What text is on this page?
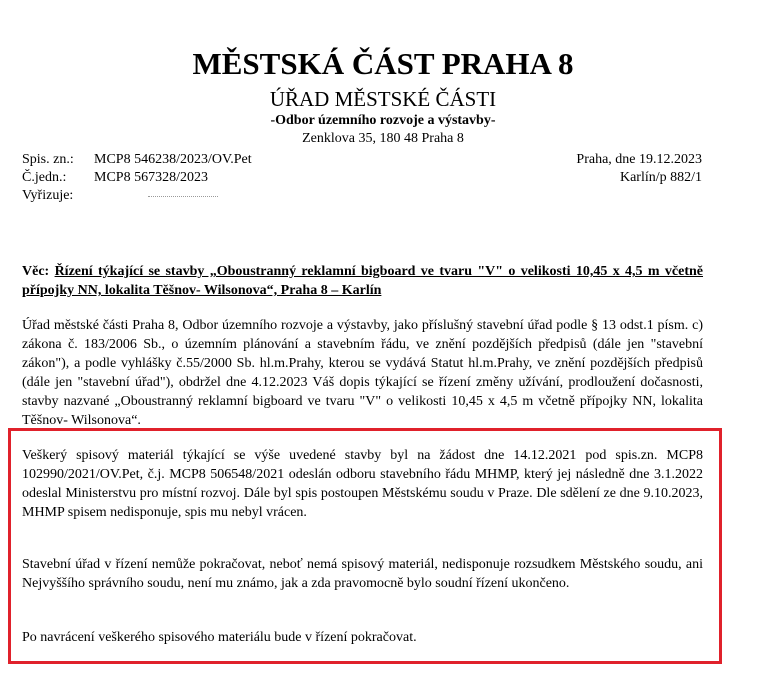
MĚSTSKÁ ČÁST PRAHA 8
ÚŘAD MĚSTSKÉ ČÁSTI
-Odbor územního rozvoje a výstavby-
Zenklova 35, 180 48 Praha 8
Spis. zn.: MCP8 546238/2023/OV.Pet	Praha, dne 19.12.2023
Č.jedn.: MCP8 567328/2023	Karlín/p 882/1
Vyřizuje:
Věc: Řízení týkající se stavby „Oboustranný reklamní bigboard ve tvaru "V" o velikosti 10,45 x 4,5 m včetně přípojky NN, lokalita Těšnov- Wilsonova“, Praha 8 – Karlín

Úřad městské části Praha 8, Odbor územního rozvoje a výstavby, jako příslušný stavební úřad podle § 13 odst.1 písm. c) zákona č. 183/2006 Sb., o územním plánování a stavebním řádu, ve znění pozdějších předpisů (dále jen "stavební zákon"), a podle vyhlášky č.55/2000 Sb. hl.m.Prahy, kterou se vydává Statut hl.m.Prahy, ve znění pozdějších předpisů (dále jen "stavební úřad"), obdržel dne 4.12.2023 Váš dopis týkající se řízení změny užívání, prodloužení dočasnosti, stavby nazvané „Oboustranný reklamní bigboard ve tvaru "V" o velikosti 10,45 x 4,5 m včetně přípojky NN, lokalita Těšnov- Wilsonova“.

Veškerý spisový materiál týkající se výše uvedené stavby byl na žádost dne 14.12.2021 pod spis.zn. MCP8 102990/2021/OV.Pet, č.j. MCP8 506548/2021 odeslán odboru stavebního řádu MHMP, který jej následně dne 3.1.2022 odeslal Ministerstvu pro místní rozvoj. Dále byl spis postoupen Městskému soudu v Praze. Dle sdělení ze dne 9.10.2023, MHMP spisem nedisponuje, spis mu nebyl vrácen.

Stavební úřad v řízení nemůže pokračovat, neboť nemá spisový materiál, nedisponuje rozsudkem Městského soudu, ani Nejvyššího správního soudu, není mu známo, jak a zda pravomocně bylo soudní řízení ukončeno.

Po navrácení veškerého spisového materiálu bude v řízení pokračovat.
